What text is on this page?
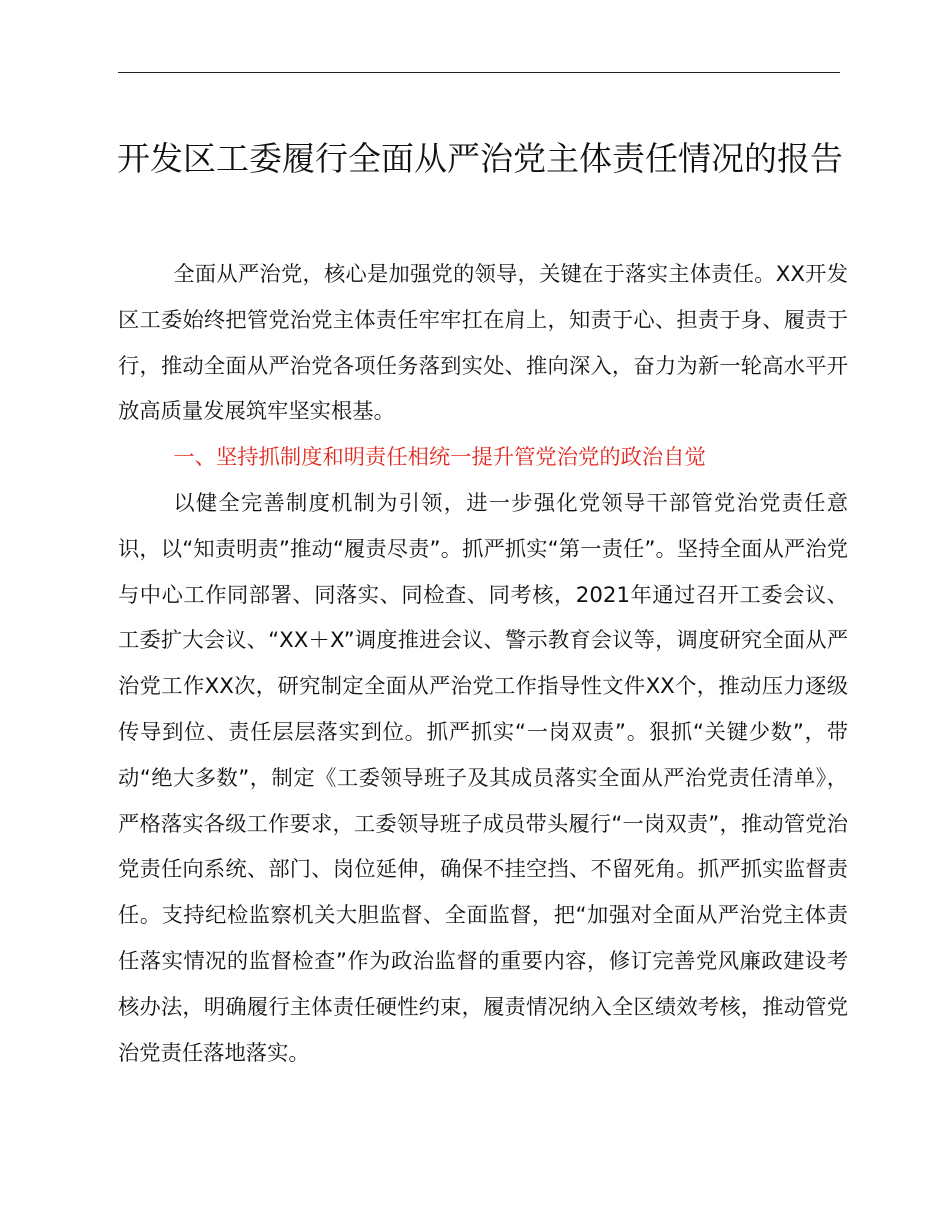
开发区工委履行全面从严治党主体责任情况的报告

全面从严治党，核心是加强党的领导，关键在于落实主体责任。XX开发区工委始终把管党治党主体责任牢牢扛在肩上，知责于心、担责于身、履责于行，推动全面从严治党各项任务落到实处、推向深入，奋力为新一轮高水平开放高质量发展筑牢坚实根基。

一、坚持抓制度和明责任相统一提升管党治党的政治自觉

以健全完善制度机制为引领，进一步强化党领导干部管党治党责任意识，以“知责明责”推动“履责尽责”。抓严抓实“第一责任”。坚持全面从严治党与中心工作同部署、同落实、同检查、同考核，2021年通过召开工委会议、工委扩大会议、“XX＋X”调度推进会议、警示教育会议等，调度研究全面从严治党工作XX次，研究制定全面从严治党工作指导性文件XX个，推动压力逐级传导到位、责任层层落实到位。抓严抓实“一岗双责”。狠抓“关键少数”，带动“绝大多数”，制定《工委领导班子及其成员落实全面从严治党责任清单》，严格落实各级工作要求，工委领导班子成员带头履行“一岗双责”，推动管党治党责任向系统、部门、岗位延伸，确保不挂空挡、不留死角。抓严抓实监督责任。支持纪检监察机关大胆监督、全面监督，把“加强对全面从严治党主体责任落实情况的监督检查”作为政治监督的重要内容，修订完善党风廉政建设考核办法，明确履行主体责任硬性约束，履责情况纳入全区绩效考核，推动管党治党责任落地落实。
